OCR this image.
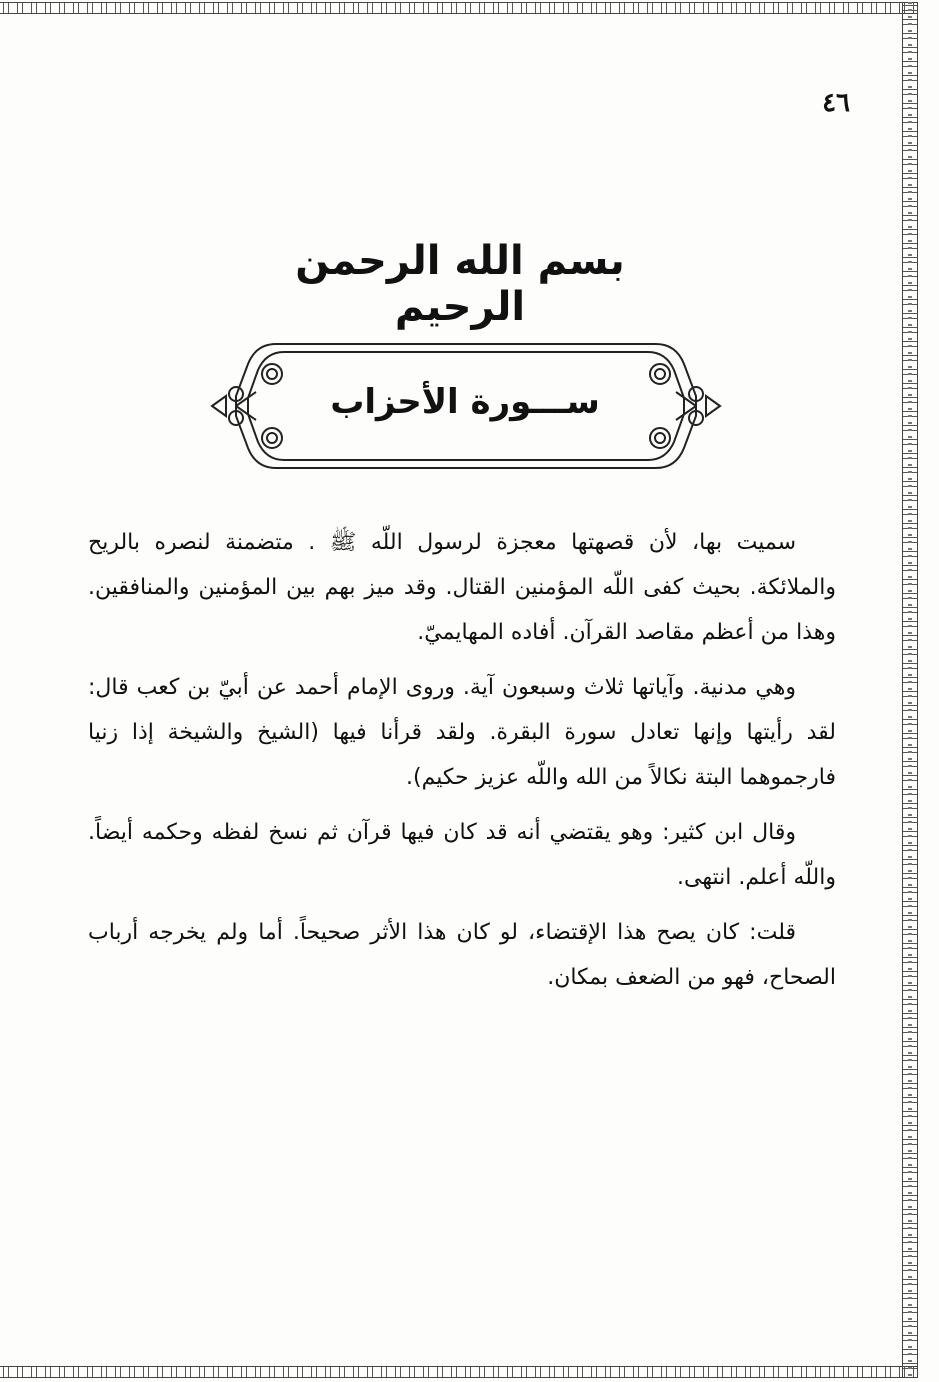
٤٦
بسم الله الرحمن الرحيم
ســـورة الأحزاب

سميت بها، لأن قصهتها معجزة لرسول اللّه ﷺ . متضمنة لنصره بالريح والملائكة. بحيث كفى اللّه المؤمنين القتال. وقد ميز بهم بين المؤمنين والمنافقين. وهذا من أعظم مقاصد القرآن. أفاده المهايميّ.

وهي مدنية. وآياتها ثلاث وسبعون آية. وروى الإمام أحمد عن أبيّ بن كعب قال: لقد رأيتها وإنها تعادل سورة البقرة. ولقد قرأنا فيها (الشيخ والشيخة إذا زنيا فارجموهما البتة نكالاً من الله واللّه عزيز حكيم).

وقال ابن كثير: وهو يقتضي أنه قد كان فيها قرآن ثم نسخ لفظه وحكمه أيضاً. واللّه أعلم. انتهى.

قلت: كان يصح هذا الإقتضاء، لو كان هذا الأثر صحيحاً. أما ولم يخرجه أرباب الصحاح، فهو من الضعف بمكان.
